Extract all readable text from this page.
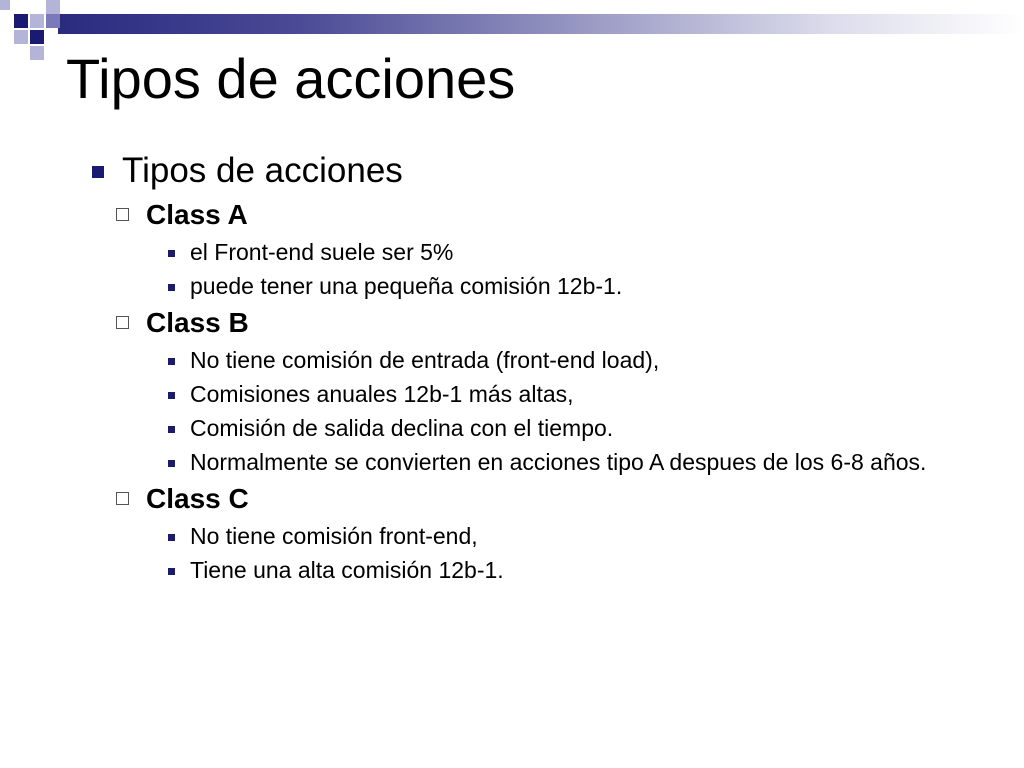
Tipos de acciones
Tipos de acciones
Class A
el Front-end suele ser 5%
puede tener una pequeña comisión 12b-1.
Class B
No tiene comisión de entrada (front-end load),
Comisiones anuales 12b-1 más altas,
Comisión de salida declina con el tiempo.
Normalmente se convierten en acciones tipo A despues de los 6-8 años.
Class C
No tiene comisión front-end,
Tiene una alta comisión 12b-1.
